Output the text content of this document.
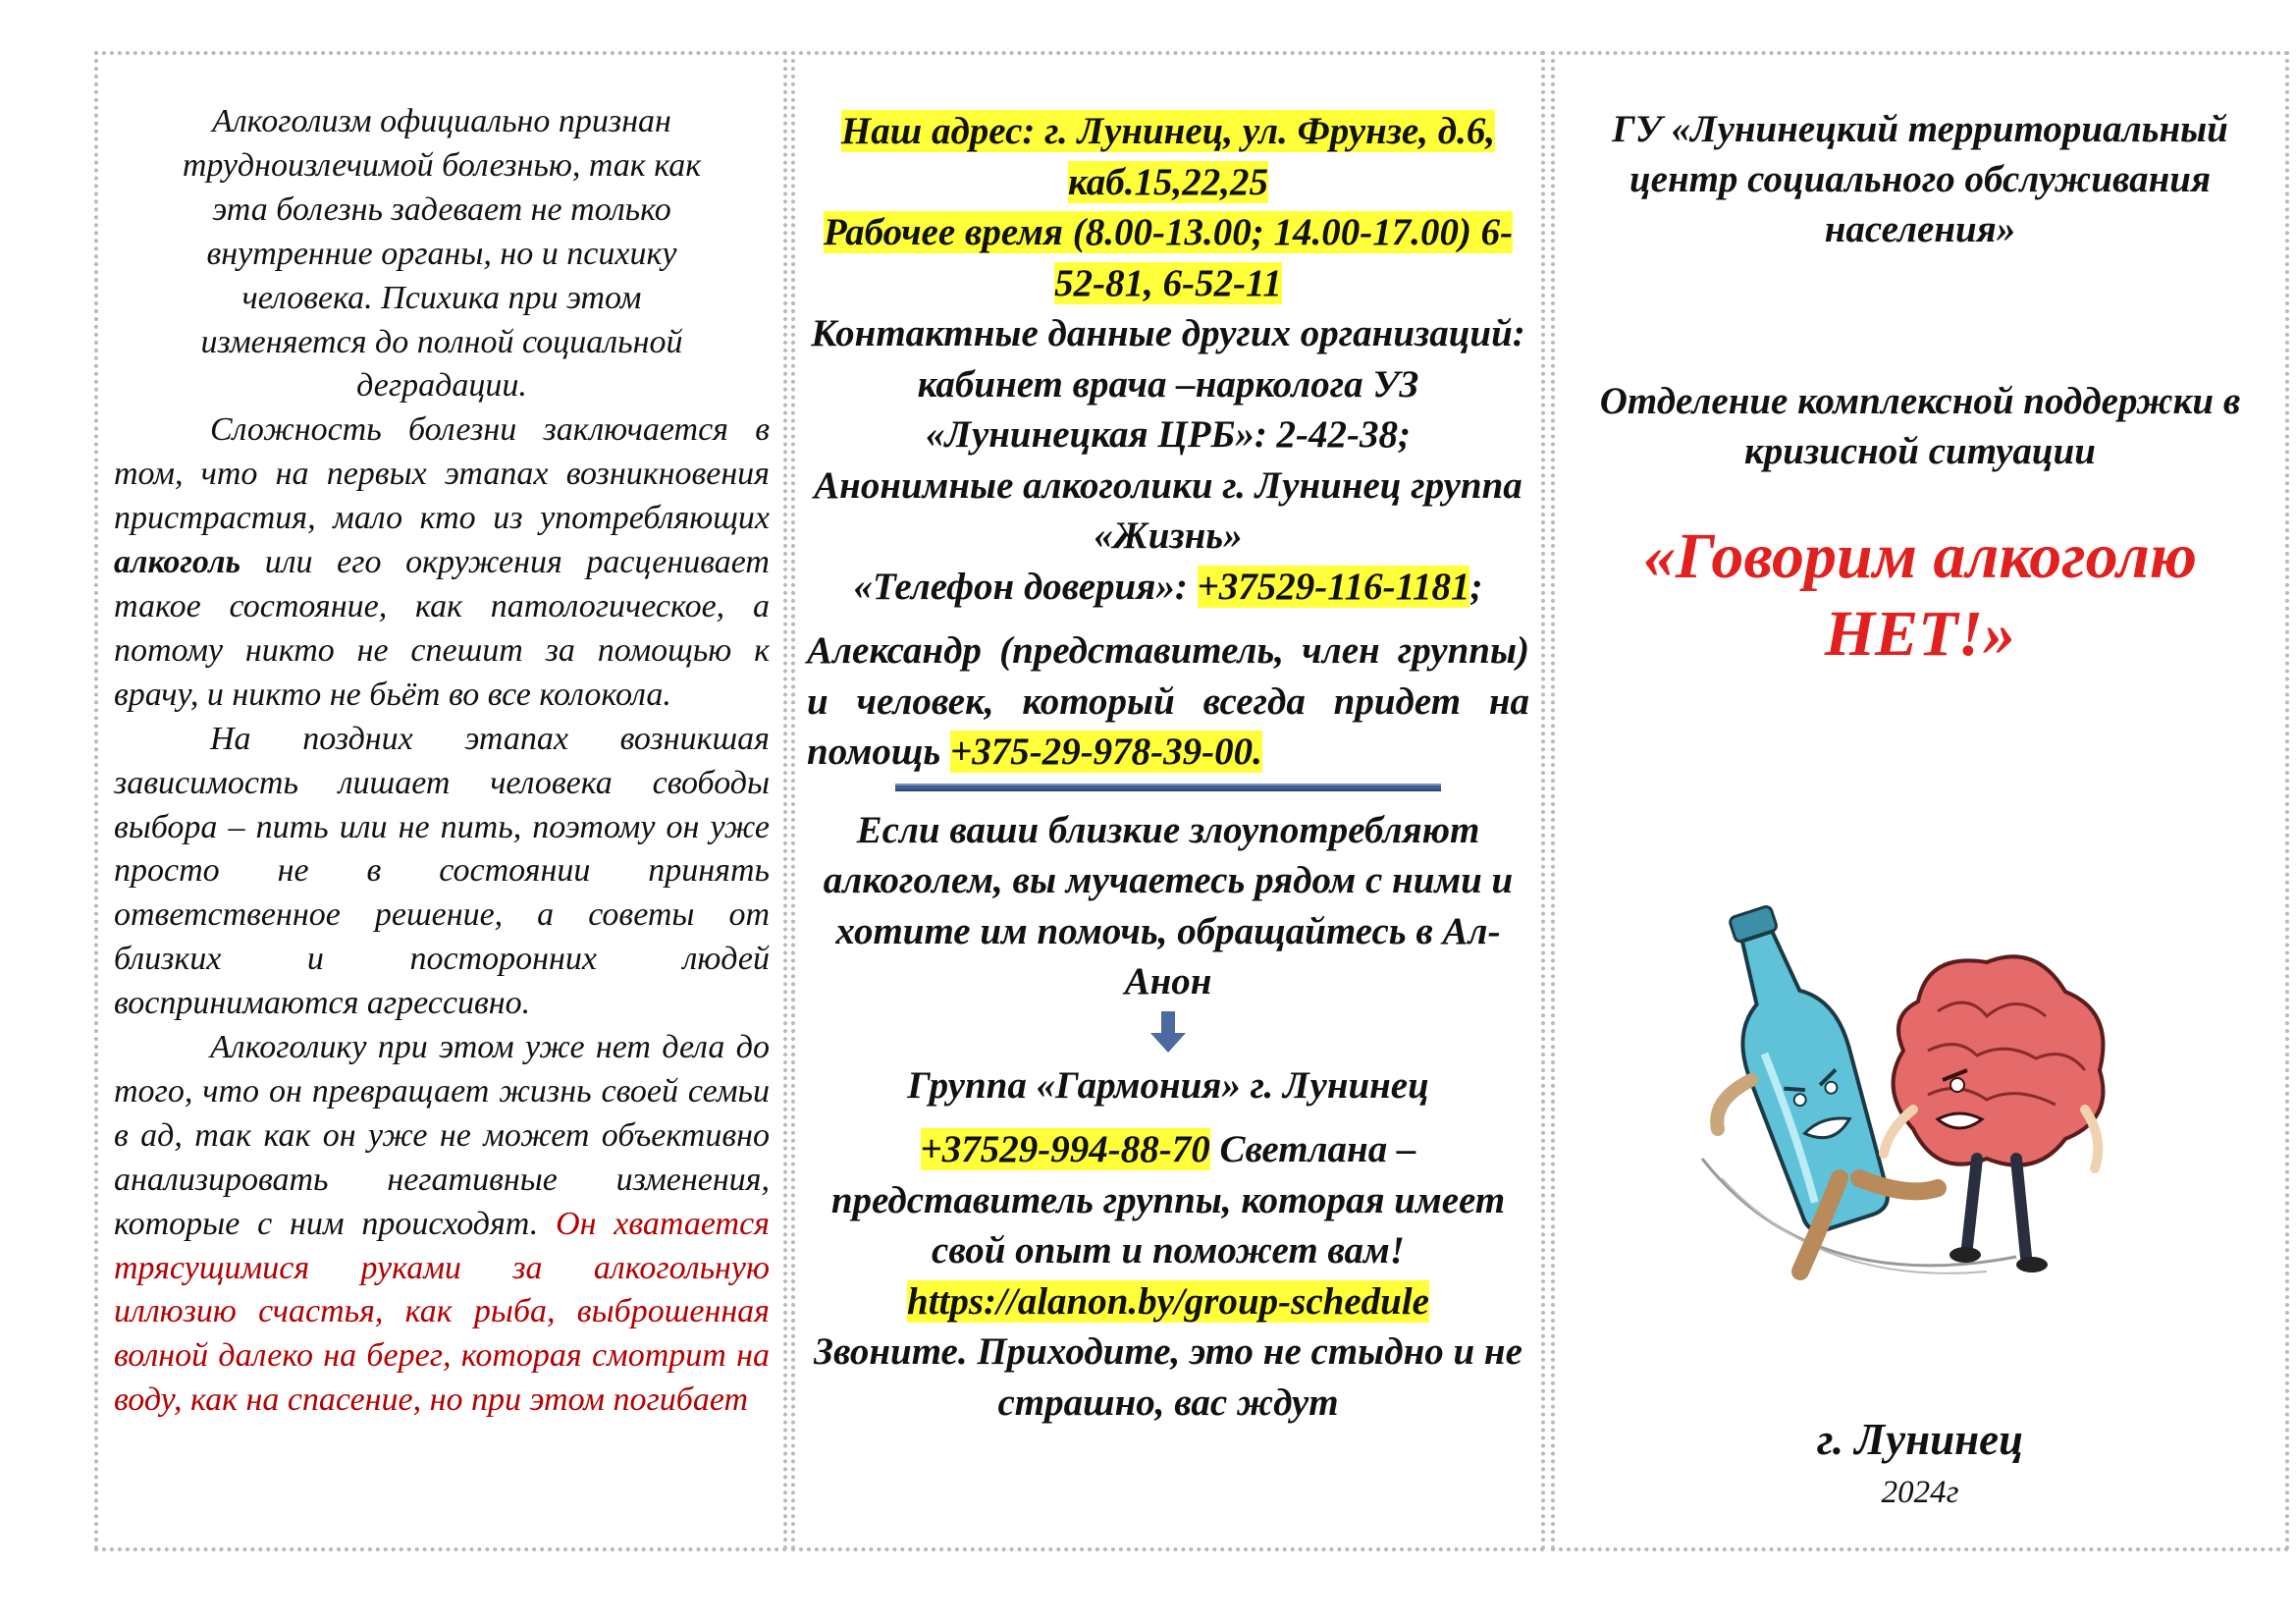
Алкоголизм официально признан трудноизлечимой болезнью, так как эта болезнь задевает не только внутренние органы, но и психику человека. Психика при этом изменяется до полной социальной деградации.

Сложность болезни заключается в том, что на первых этапах возникновения пристрастия, мало кто из употребляющих алкоголь или его окружения расценивает такое состояние, как патологическое, а потому никто не спешит за помощью к врачу, и никто не бьёт во все колокола.

На поздних этапах возникшая зависимость лишает человека свободы выбора – пить или не пить, поэтому он уже просто не в состоянии принять ответственное решение, а советы от близких и посторонних людей воспринимаются агрессивно.

Алкоголику при этом уже нет дела до того, что он превращает жизнь своей семьи в ад, так как он уже не может объективно анализировать негативные изменения, которые с ним происходят. Он хватается трясущимися руками за алкогольную иллюзию счастья, как рыба, выброшенная волной далеко на берег, которая смотрит на воду, как на спасение, но при этом погибает

Наш адрес: г. Лунинец, ул. Фрунзе, д.6,
каб.15,22,25
Рабочее время (8.00-13.00; 14.00-17.00) 6-52-81, 6-52-11

Контактные данные других организаций:

кабинет врача –нарколога УЗ «Лунинецкая ЦРБ»: 2-42-38;

Анонимные алкоголики г. Лунинец группа «Жизнь»

«Телефон доверия»: +37529-116-1181;

Александр (представитель, член группы) и человек, который всегда придет на помощь +375-29-978-39-00.

Если ваши близкие злоупотребляют алкоголем, вы мучаетесь рядом с ними и хотите им помочь, обращайтесь в Ал-Анон

Группа «Гармония» г. Лунинец

+37529-994-88-70 Светлана – представитель группы, которая имеет свой опыт и поможет вам!

https://alanon.by/group-schedule

Звоните. Приходите, это не стыдно и не страшно, вас ждут

ГУ «Лунинецкий территориальный центр социального обслуживания населения»

Отделение комплексной поддержки в кризисной ситуации

«Говорим алкоголю НЕТ!»

г. Лунинец

2024г
